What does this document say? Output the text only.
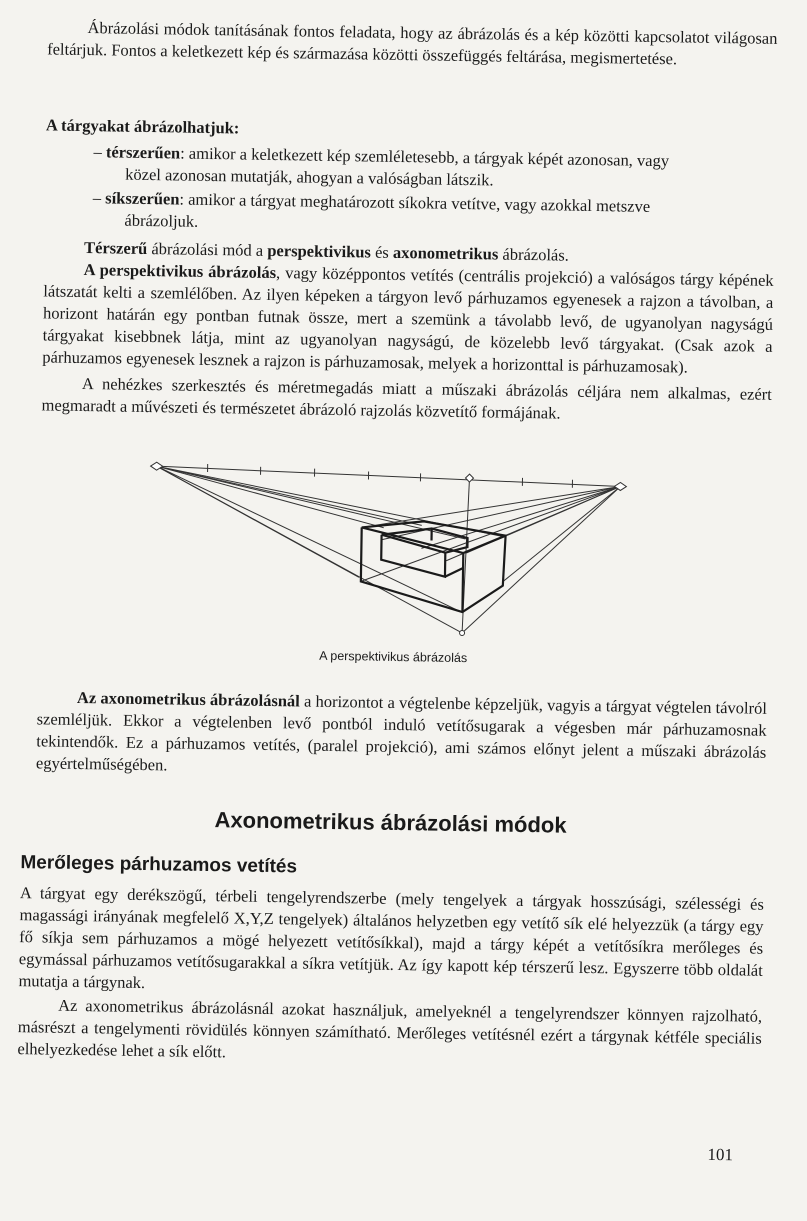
Ábrázolási módok tanításának fontos feladata, hogy az ábrázolás és a kép közötti kapcsolatot világosan feltárjuk. Fontos a keletkezett kép és származása közötti összefüggés feltárása, megismertetése.

A tárgyakat ábrázolhatjuk:

– térszerűen: amikor a keletkezett kép szemléletesebb, a tárgyak képét azonosan, vagy
közel azonosan mutatják, ahogyan a valóságban látszik.

– síkszerűen: amikor a tárgyat meghatározott síkokra vetítve, vagy azokkal metszve
ábrázoljuk.

Térszerű ábrázolási mód a perspektivikus és axonometrikus ábrázolás.

A perspektivikus ábrázolás, vagy középpontos vetítés (centrális projekció) a valóságos tárgy képének látszatát kelti a szemlélőben. Az ilyen képeken a tárgyon levő párhuzamos egyenesek a rajzon a távolban, a horizont határán egy pontban futnak össze, mert a szemünk a távolabb levő, de ugyanolyan nagyságú tárgyakat kisebbnek látja, mint az ugyanolyan nagyságú, de közelebb levő tárgyakat. (Csak azok a párhuzamos egyenesek lesznek a rajzon is párhuzamosak, melyek a horizonttal is párhuzamosak).

A nehézkes szerkesztés és méretmegadás miatt a műszaki ábrázolás céljára nem alkalmas, ezért megmaradt a művészeti és természetet ábrázoló rajzolás közvetítő formájának.

A perspektivikus ábrázolás

Az axonometrikus ábrázolásnál a horizontot a végtelenbe képzeljük, vagyis a tárgyat végtelen távolról szemléljük. Ekkor a végtelenben levő pontból induló vetítősugarak a végesben már párhuzamosnak tekintendők. Ez a párhuzamos vetítés, (paralel projekció), ami számos előnyt jelent a műszaki ábrázolás egyértelműségében.

Axonometrikus ábrázolási módok
Merőleges párhuzamos vetítés

A tárgyat egy derékszögű, térbeli tengelyrendszerbe (mely tengelyek a tárgyak hosszúsági, szélességi és magassági irányának megfelelő X,Y,Z tengelyek) általános helyzetben egy vetítő sík elé helyezzük (a tárgy egy fő síkja sem párhuzamos a mögé helyezett vetítősíkkal), majd a tárgy képét a vetítősíkra merőleges és egymással párhuzamos vetítősugarakkal a síkra vetítjük. Az így kapott kép térszerű lesz. Egyszerre több oldalát mutatja a tárgynak.

Az axonometrikus ábrázolásnál azokat használjuk, amelyeknél a tengelyrendszer könnyen rajzolható, másrészt a tengelymenti rövidülés könnyen számítható. Merőleges vetítésnél ezért a tárgynak kétféle speciális elhelyezkedése lehet a sík előtt.

101
